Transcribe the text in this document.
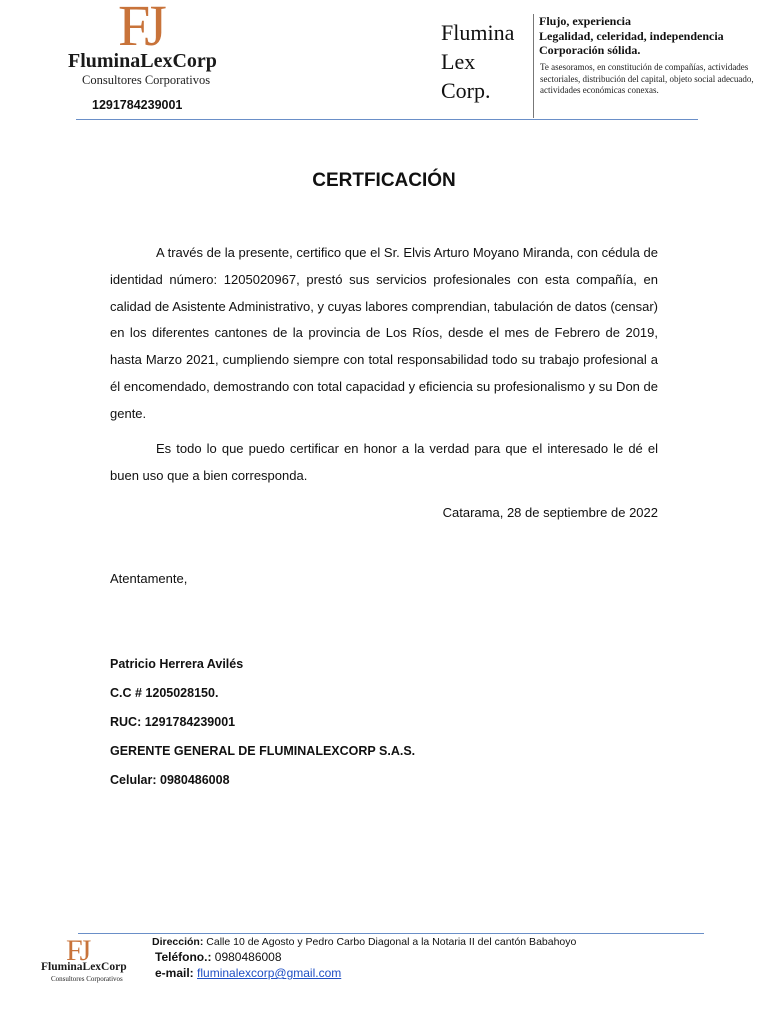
FJ
FluminaLexCorp
Consultores Corporativos
1291784239001
Flumina
Lex
Corp.
Flujo, experiencia
Legalidad, celeridad, independencia
Corporación sólida.
Te asesoramos, en constitución de compañías, actividades sectoriales, distribución del capital, objeto social adecuado, actividades económicas conexas.
CERTFICACIÓN
A través de la presente, certifico que el Sr. Elvis Arturo Moyano Miranda, con cédula de identidad número: 1205020967, prestó sus servicios profesionales con esta compañía, en calidad de Asistente Administrativo, y cuyas labores comprendian, tabulación de datos (censar) en los diferentes cantones de la provincia de Los Ríos, desde el mes de Febrero de 2019, hasta Marzo 2021, cumpliendo siempre con total responsabilidad todo su trabajo profesional a él encomendado, demostrando con total capacidad y eficiencia su profesionalismo y su Don de gente.
Es todo lo que puedo certificar en honor a la verdad para que el interesado le dé el buen uso que a bien corresponda.
Catarama, 28 de septiembre de 2022
Atentamente,
Patricio Herrera Avilés
C.C # 1205028150.
RUC: 1291784239001
GERENTE GENERAL DE FLUMINALEXCORP S.A.S.
Celular: 0980486008
FJ
FluminaLexCorp
Consultores Corporativos
Dirección: Calle 10 de Agosto y Pedro Carbo Diagonal a la Notaria II del cantón Babahoyo
Teléfono.: 0980486008
e-mail: fluminalexcorp@gmail.com
